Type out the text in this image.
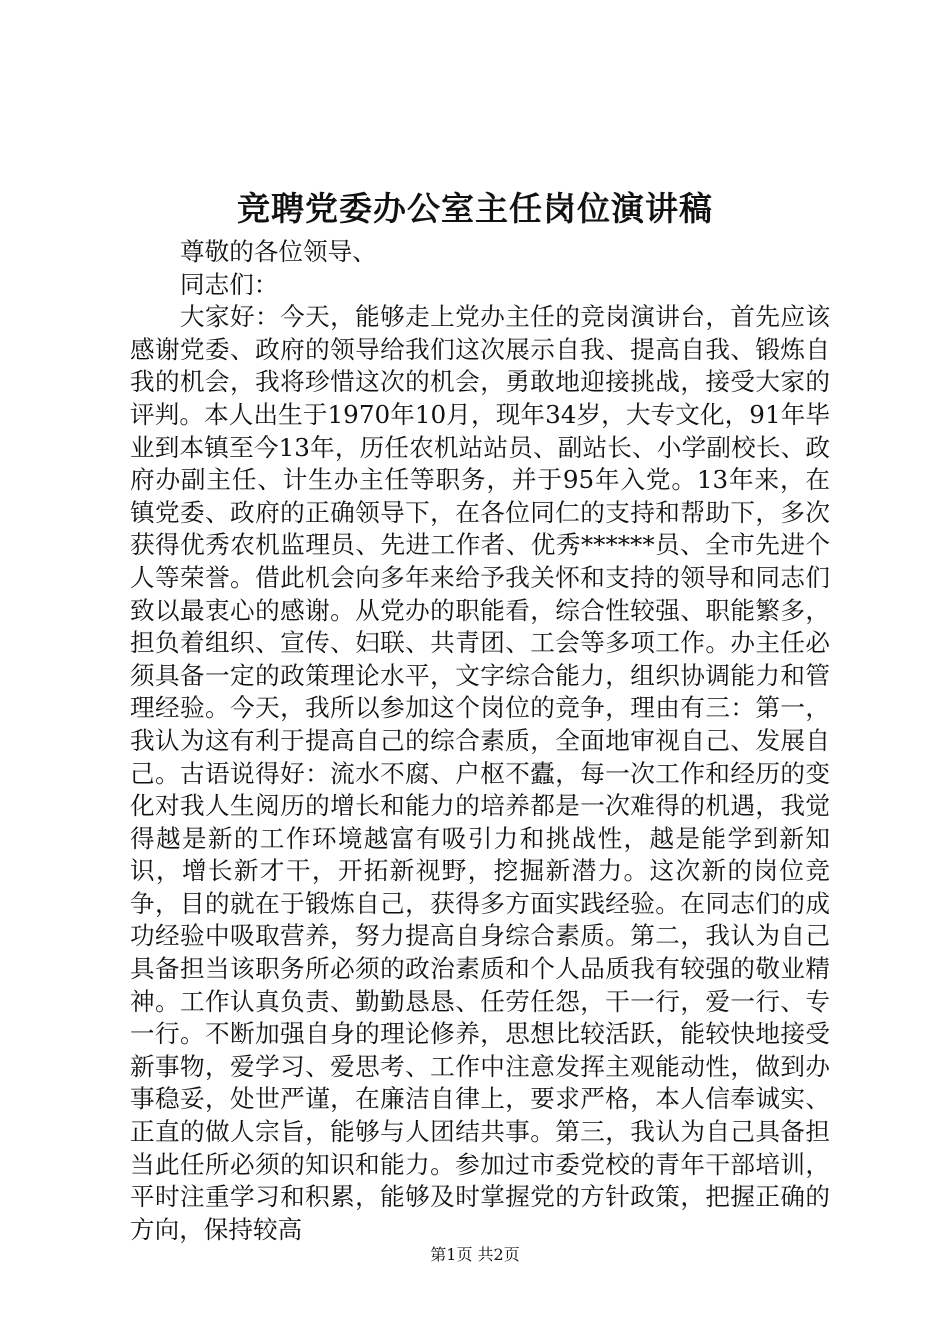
竞聘党委办公室主任岗位演讲稿

尊敬的各位领导、

同志们：

大家好：今天，能够走上党办主任的竞岗演讲台，首先应该感谢党委、政府的领导给我们这次展示自我、提高自我、锻炼自我的机会，我将珍惜这次的机会，勇敢地迎接挑战，接受大家的评判。本人出生于1970年10月，现年34岁，大专文化，91年毕业到本镇至今13年，历任农机站站员、副站长、小学副校长、政府办副主任、计生办主任等职务，并于95年入党。13年来，在镇党委、政府的正确领导下，在各位同仁的支持和帮助下，多次获得优秀农机监理员、先进工作者、优秀******员、全市先进个人等荣誉。借此机会向多年来给予我关怀和支持的领导和同志们致以最衷心的感谢。从党办的职能看，综合性较强、职能繁多，担负着组织、宣传、妇联、共青团、工会等多项工作。办主任必须具备一定的政策理论水平，文字综合能力，组织协调能力和管理经验。今天，我所以参加这个岗位的竞争，理由有三：第一，我认为这有利于提高自己的综合素质，全面地审视自己、发展自己。古语说得好：流水不腐、户枢不蠹，每一次工作和经历的变化对我人生阅历的增长和能力的培养都是一次难得的机遇，我觉得越是新的工作环境越富有吸引力和挑战性，越是能学到新知识，增长新才干，开拓新视野，挖掘新潜力。这次新的岗位竞争，目的就在于锻炼自己，获得多方面实践经验。在同志们的成功经验中吸取营养，努力提高自身综合素质。第二，我认为自己具备担当该职务所必须的政治素质和个人品质我有较强的敬业精神。工作认真负责、勤勤恳恳、任劳任怨，干一行，爱一行、专一行。不断加强自身的理论修养，思想比较活跃，能较快地接受新事物，爱学习、爱思考、工作中注意发挥主观能动性，做到办事稳妥，处世严谨，在廉洁自律上，要求严格，本人信奉诚实、正直的做人宗旨，能够与人团结共事。第三，我认为自己具备担当此任所必须的知识和能力。参加过市委党校的青年干部培训，平时注重学习和积累，能够及时掌握党的方针政策，把握正确的方向，保持较高

第1页 共2页
